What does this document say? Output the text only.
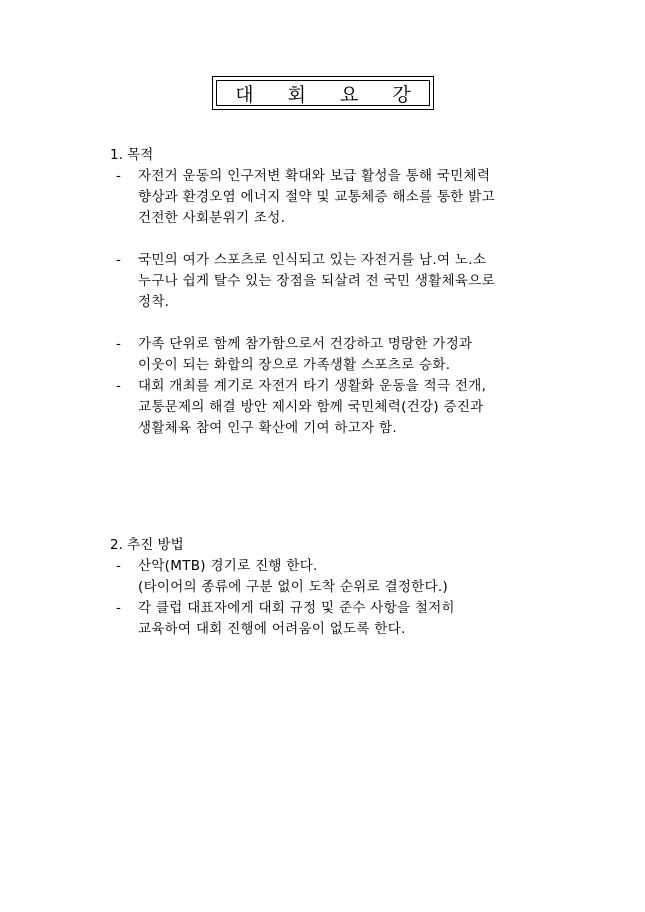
대 회 요 강
1. 목적
- 자전거 운동의 인구저변 확대와 보급 활성을 통해 국민체력
향상과 환경오염 에너지 절약 및 교통체증 해소를 통한 밝고
건전한 사회분위기 조성.
- 국민의 여가 스포츠로 인식되고 있는 자전거를 남.여 노.소
누구나 쉽게 탈수 있는 장점을 되살려 전 국민 생활체육으로
정착.
- 가족 단위로 함께 참가함으로서 건강하고 명랑한 가정과
이웃이 되는 화합의 장으로 가족생활 스포츠로 승화.
- 대회 개최를 계기로 자전거 타기 생활화 운동을 적극 전개,
교통문제의 해결 방안 제시와 함께 국민체력(건강) 증진과
생활체육 참여 인구 확산에 기여 하고자 함.
2. 추진 방법
- 산악(MTB) 경기로 진행 한다.
(타이어의 종류에 구분 없이 도착 순위로 결정한다.)
- 각 클럽 대표자에게 대회 규정 및 준수 사항을 철저히
교육하여 대회 진행에 어려움이 없도록 한다.
